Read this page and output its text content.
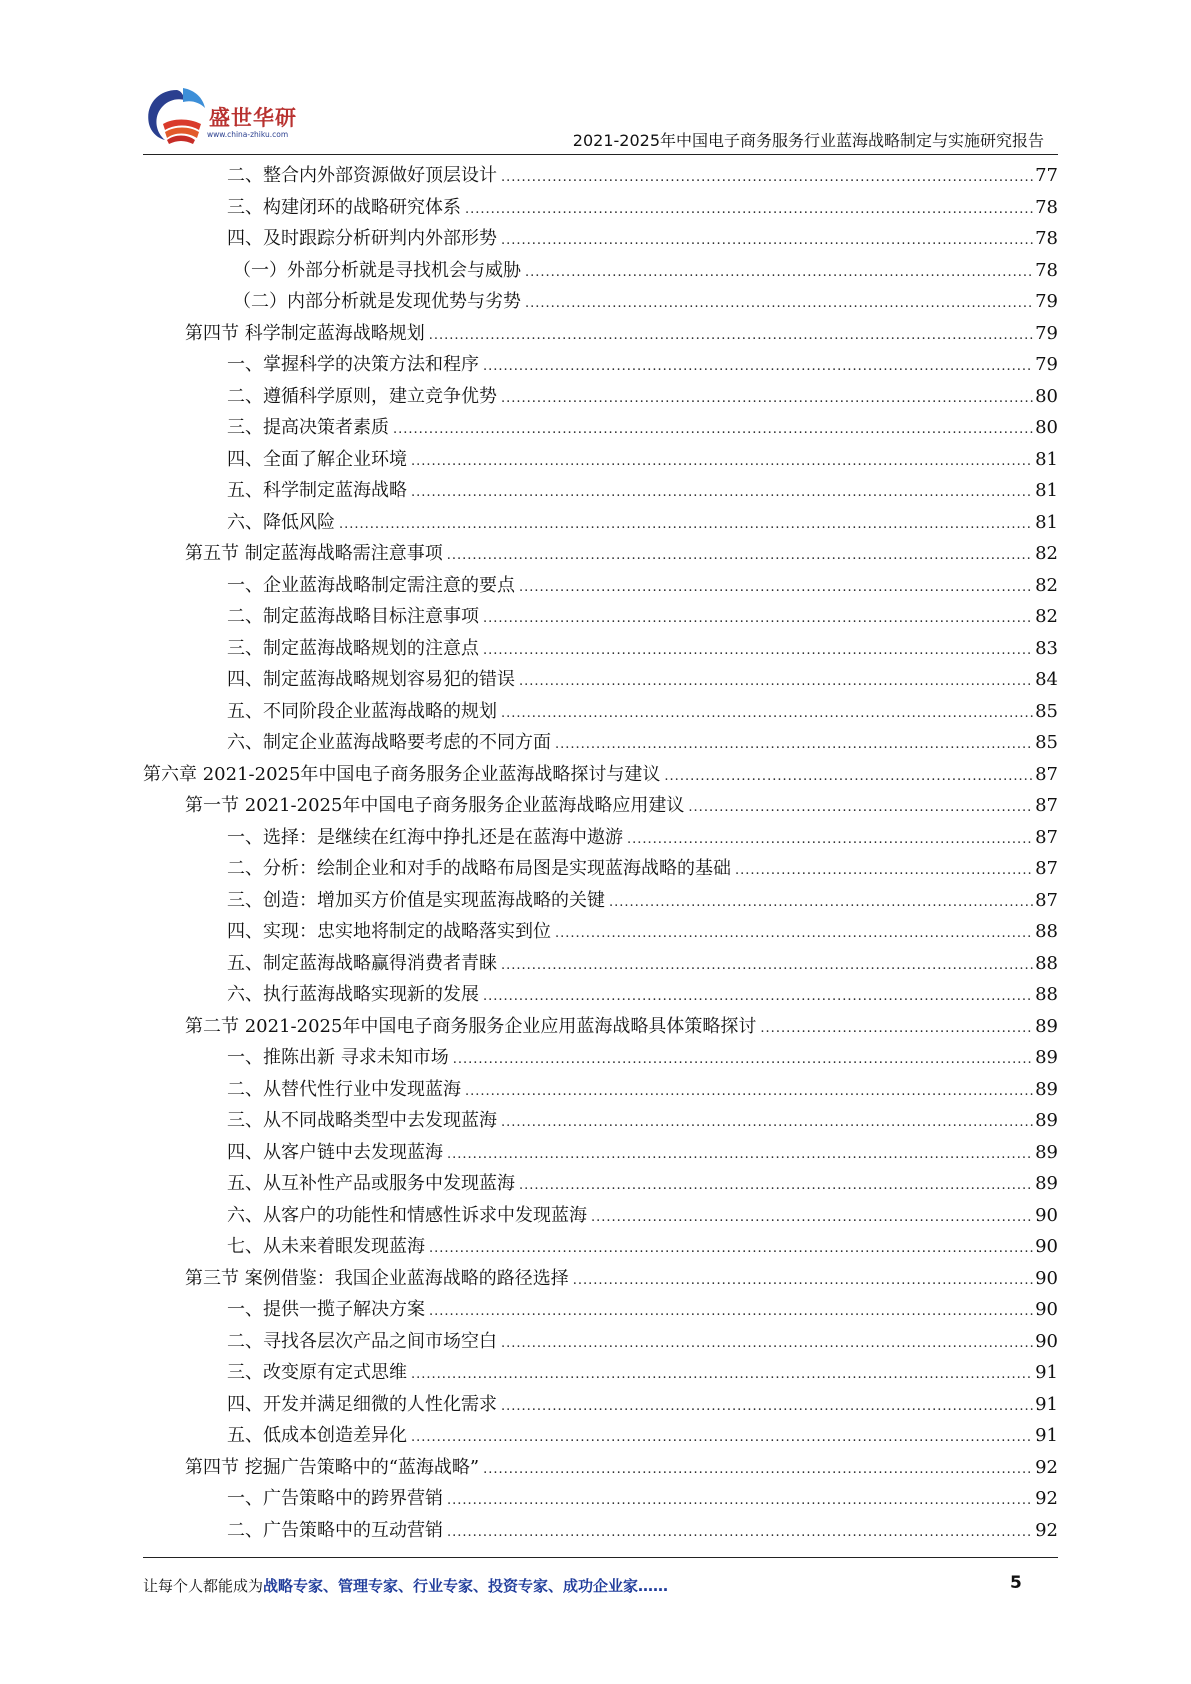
盛世华研
www.china-zhiku.com	2021-2025年中国电子商务服务行业蓝海战略制定与实施研究报告
二、整合内外部资源做好顶层设计 .....	77
三、构建闭环的战略研究体系 .....	78
四、及时跟踪分析研判内外部形势 .....	78
（一）外部分析就是寻找机会与威胁 .....	78
（二）内部分析就是发现优势与劣势 .....	79
第四节 科学制定蓝海战略规划 .....	79
一、掌握科学的决策方法和程序 .....	79
二、遵循科学原则，建立竞争优势 .....	80
三、提高决策者素质 .....	80
四、全面了解企业环境 .....	81
五、科学制定蓝海战略 .....	81
六、降低风险 .....	81
第五节 制定蓝海战略需注意事项 .....	82
一、企业蓝海战略制定需注意的要点 .....	82
二、制定蓝海战略目标注意事项 .....	82
三、制定蓝海战略规划的注意点 .....	83
四、制定蓝海战略规划容易犯的错误 .....	84
五、不同阶段企业蓝海战略的规划 .....	85
六、制定企业蓝海战略要考虑的不同方面 .....	85
第六章 2021-2025年中国电子商务服务企业蓝海战略探讨与建议 .....	87
第一节 2021-2025年中国电子商务服务企业蓝海战略应用建议 .....	87
一、选择：是继续在红海中挣扎还是在蓝海中遨游 .....	87
二、分析：绘制企业和对手的战略布局图是实现蓝海战略的基础 .....	87
三、创造：增加买方价值是实现蓝海战略的关键 .....	87
四、实现：忠实地将制定的战略落实到位 .....	88
五、制定蓝海战略赢得消费者青睐 .....	88
六、执行蓝海战略实现新的发展 .....	88
第二节 2021-2025年中国电子商务服务企业应用蓝海战略具体策略探讨 .....	89
一、推陈出新 寻求未知市场 .....	89
二、从替代性行业中发现蓝海 .....	89
三、从不同战略类型中去发现蓝海 .....	89
四、从客户链中去发现蓝海 .....	89
五、从互补性产品或服务中发现蓝海 .....	89
六、从客户的功能性和情感性诉求中发现蓝海 .....	90
七、从未来着眼发现蓝海 .....	90
第三节 案例借鉴：我国企业蓝海战略的路径选择 .....	90
一、提供一揽子解决方案 .....	90
二、寻找各层次产品之间市场空白 .....	90
三、改变原有定式思维 .....	91
四、开发并满足细微的人性化需求 .....	91
五、低成本创造差异化 .....	91
第四节 挖掘广告策略中的“蓝海战略” .....	92
一、广告策略中的跨界营销 .....	92
二、广告策略中的互动营销 .....	92
让每个人都能成为战略专家、管理专家、行业专家、投资专家、成功企业家……	5
